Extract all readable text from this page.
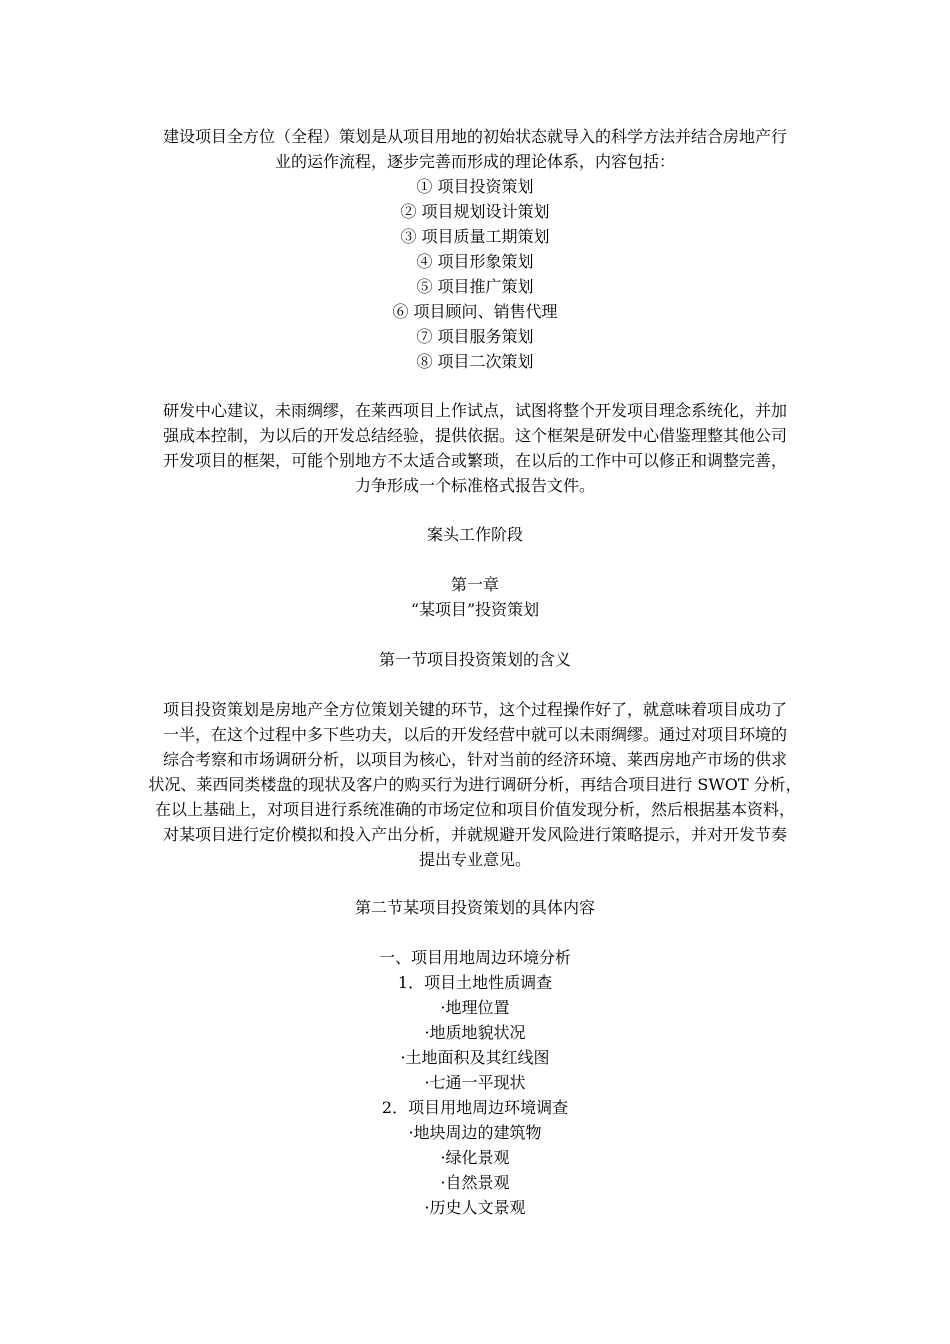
建设项目全方位（全程）策划是从项目用地的初始状态就导入的科学方法并结合房地产行
业的运作流程，逐步完善而形成的理论体系，内容包括：
① 项目投资策划
② 项目规划设计策划
③ 项目质量工期策划
④ 项目形象策划
⑤ 项目推广策划
⑥ 项目顾问、销售代理
⑦ 项目服务策划
⑧ 项目二次策划
研发中心建议，未雨绸缪，在莱西项目上作试点，试图将整个开发项目理念系统化，并加
强成本控制，为以后的开发总结经验，提供依据。这个框架是研发中心借鉴理整其他公司
开发项目的框架，可能个别地方不太适合或繁琐，在以后的工作中可以修正和调整完善，
力争形成一个标准格式报告文件。
案头工作阶段
第一章
“某项目”投资策划
第一节项目投资策划的含义
项目投资策划是房地产全方位策划关键的环节，这个过程操作好了，就意味着项目成功了
一半，在这个过程中多下些功夫，以后的开发经营中就可以未雨绸缪。通过对项目环境的
综合考察和市场调研分析，以项目为核心，针对当前的经济环境、莱西房地产市场的供求
状况、莱西同类楼盘的现状及客户的购买行为进行调研分析，再结合项目进行 SWOT 分析，
在以上基础上，对项目进行系统准确的市场定位和项目价值发现分析，然后根据基本资料，
对某项目进行定价模拟和投入产出分析，并就规避开发风险进行策略提示，并对开发节奏
提出专业意见。
第二节某项目投资策划的具体内容
一、项目用地周边环境分析
1．项目土地性质调查
·地理位置
·地质地貌状况
·土地面积及其红线图
·七通一平现状
2．项目用地周边环境调查
·地块周边的建筑物
·绿化景观
·自然景观
·历史人文景观
